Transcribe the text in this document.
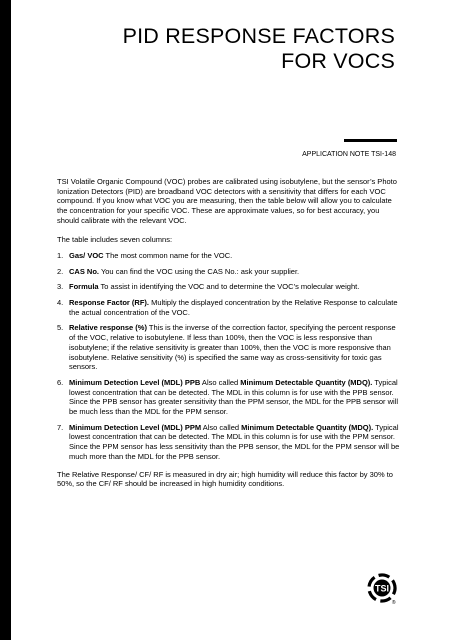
PID RESPONSE FACTORS
FOR VOCS
APPLICATION NOTE TSI-148

TSI Volatile Organic Compound (VOC) probes are calibrated using isobutylene, but the sensor’s Photo Ionization Detectors (PID) are broadband VOC detectors with a sensitivity that differs for each VOC compound. If you know what VOC you are measuring, then the table below will allow you to calculate the concentration for your specific VOC. These are approximate values, so for best accuracy, you should calibrate with the relevant VOC.

The table includes seven columns:

1. Gas/ VOC The most common name for the VOC.
2. CAS No. You can find the VOC using the CAS No.: ask your supplier.
3. Formula To assist in identifying the VOC and to determine the VOC’s molecular weight.
4. Response Factor (RF). Multiply the displayed concentration by the Relative Response to calculate the actual concentration of the VOC.
5. Relative response (%) This is the inverse of the correction factor, specifying the percent response of the VOC, relative to isobutylene. If less than 100%, then the VOC is less responsive than isobutylene; if the relative sensitivity is greater than 100%, then the VOC is more responsive than isobutylene. Relative sensitivity (%) is specified the same way as cross-sensitivity for toxic gas sensors.
6. Minimum Detection Level (MDL) PPB Also called Minimum Detectable Quantity (MDQ). Typical lowest concentration that can be detected. The MDL in this column is for use with the PPB sensor. Since the PPB sensor has greater sensitivity than the PPM sensor, the MDL for the PPB sensor will be much less than the MDL for the PPM sensor.
7. Minimum Detection Level (MDL) PPM Also called Minimum Detectable Quantity (MDQ). Typical lowest concentration that can be detected. The MDL in this column is for use with the PPM sensor. Since the PPM sensor has less sensitivity than the PPB sensor, the MDL for the PPM sensor will be much more than the MDL for the PPB sensor.

The Relative Response/ CF/ RF is measured in dry air; high humidity will reduce this factor by 30% to 50%, so the CF/ RF should be increased in high humidity conditions.

TSI
®
